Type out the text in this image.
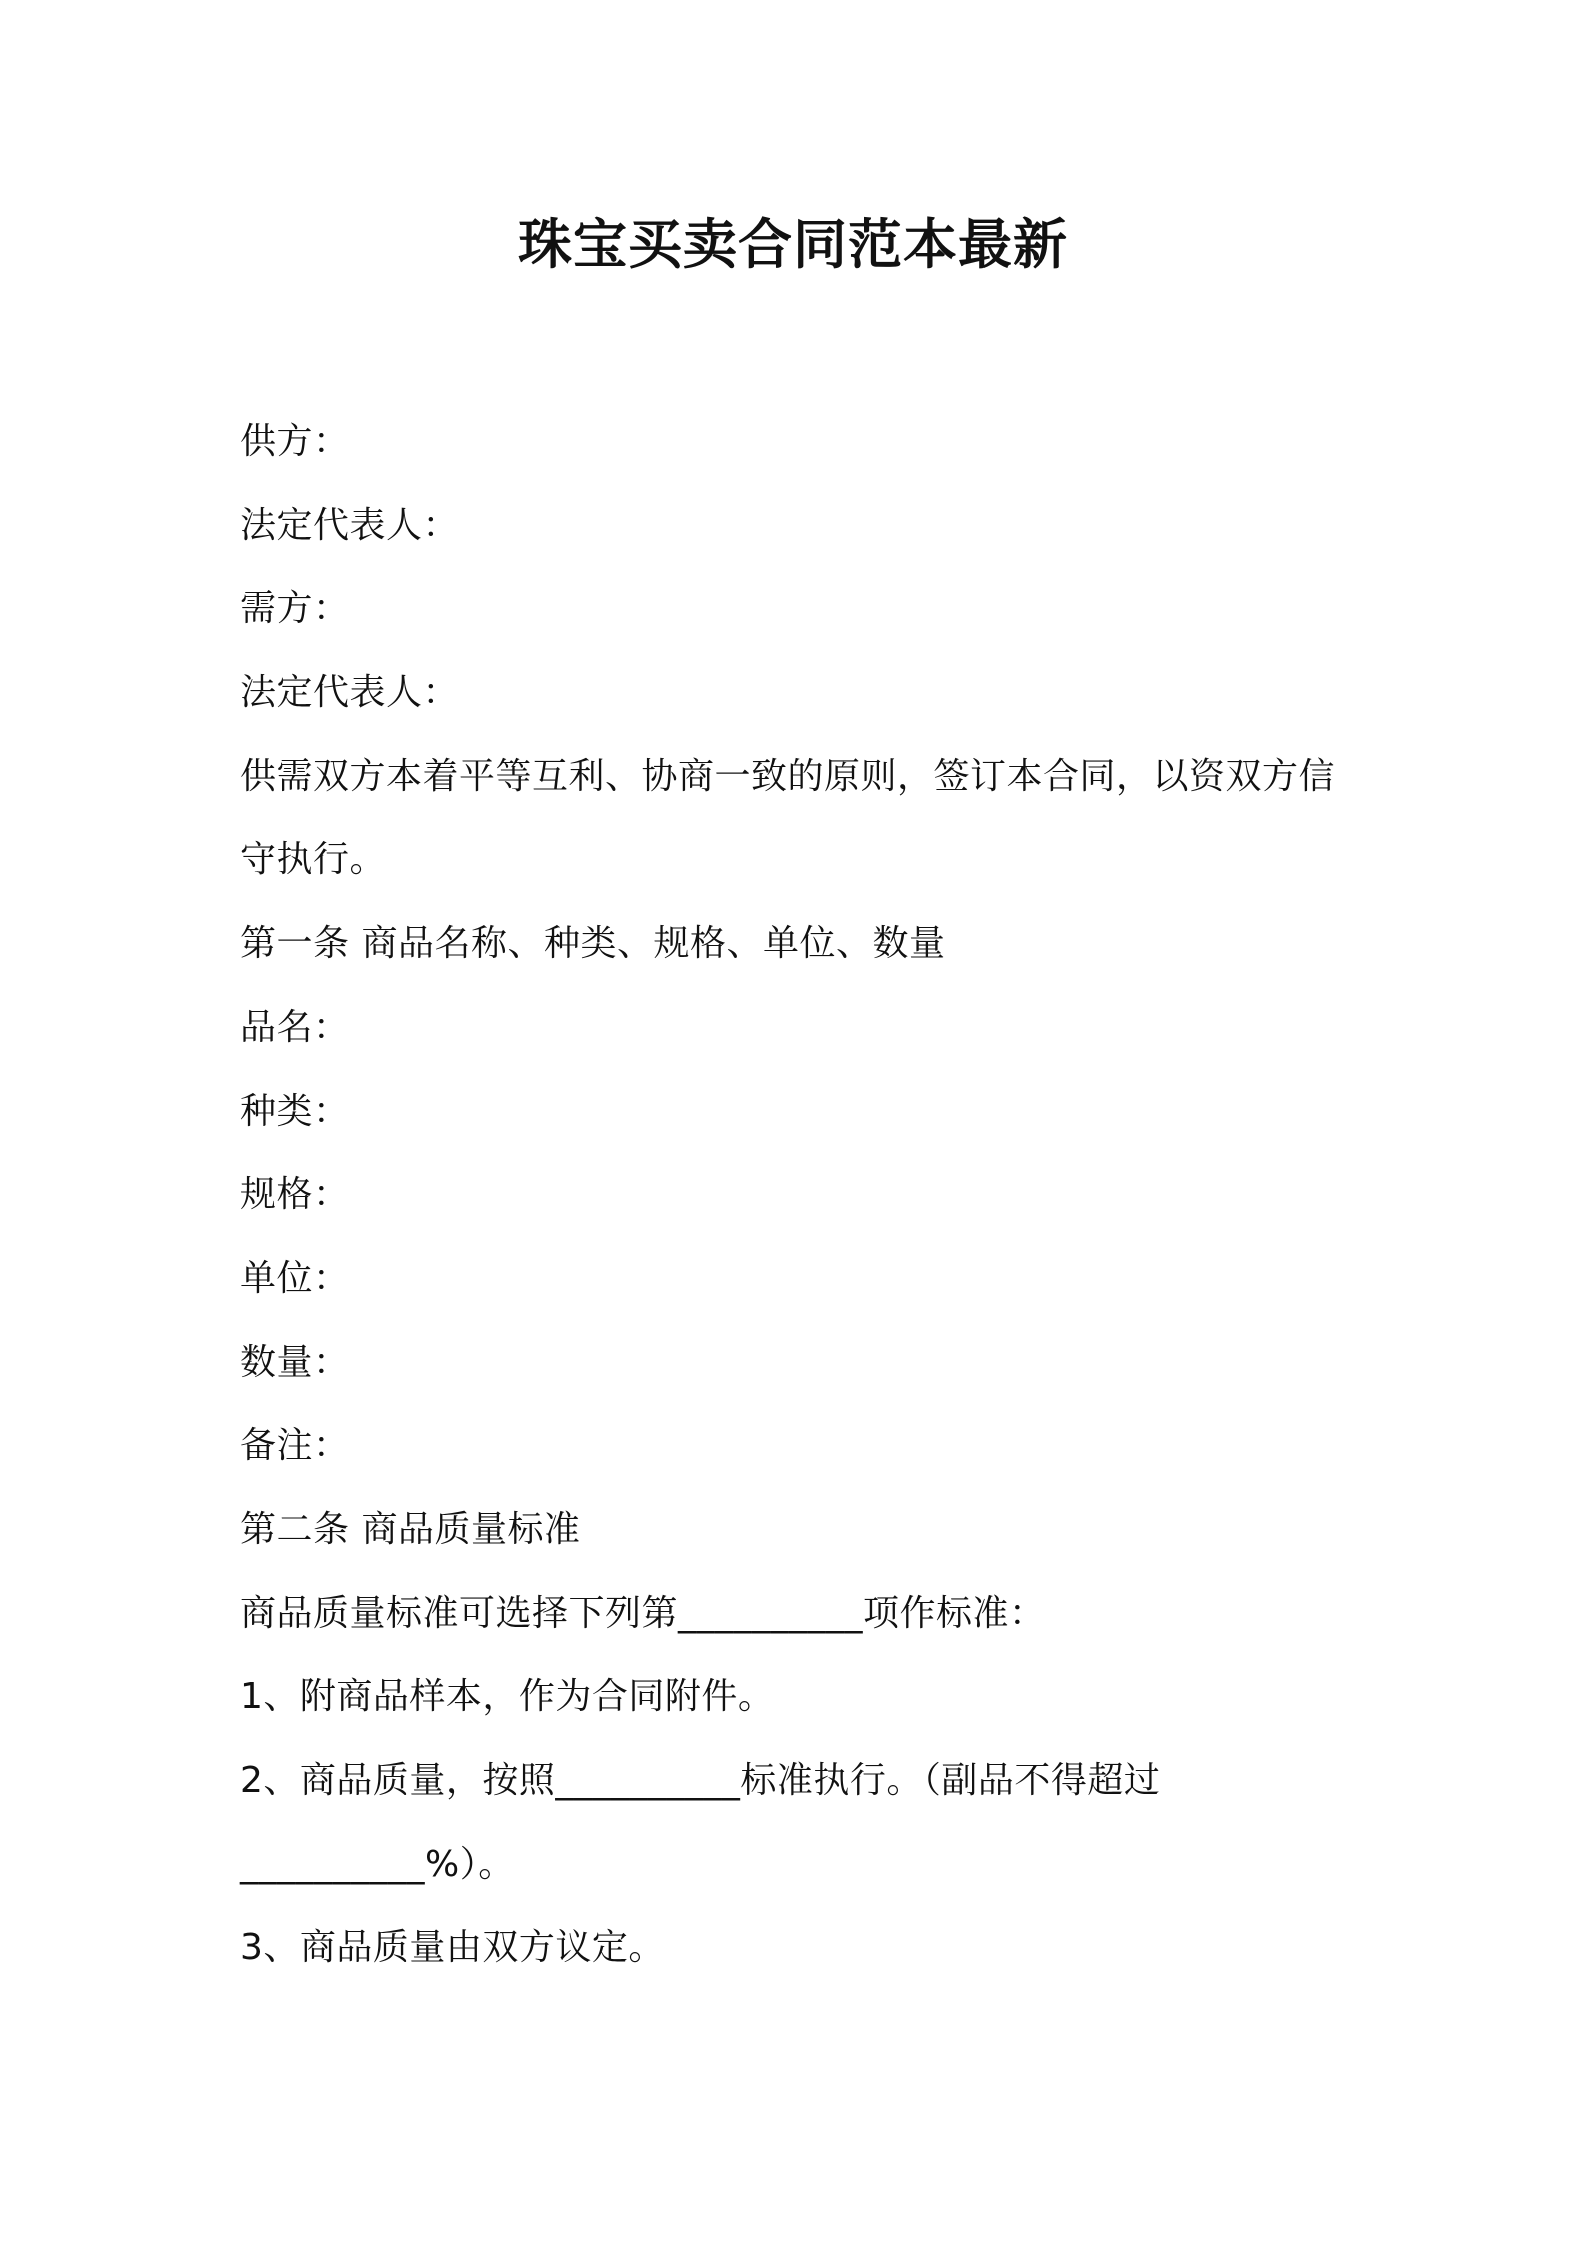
珠宝买卖合同范本最新
供方：
法定代表人：
需方：
法定代表人：
供需双方本着平等互利、协商一致的原则，签订本合同，以资双方信
守执行。
第一条 商品名称、种类、规格、单位、数量
品名：
种类：
规格：
单位：
数量：
备注：
第二条 商品质量标准
商品质量标准可选择下列第__________项作标准：
1、附商品样本，作为合同附件。
2、商品质量，按照__________标准执行。（副品不得超过
__________%）。
3、商品质量由双方议定。
